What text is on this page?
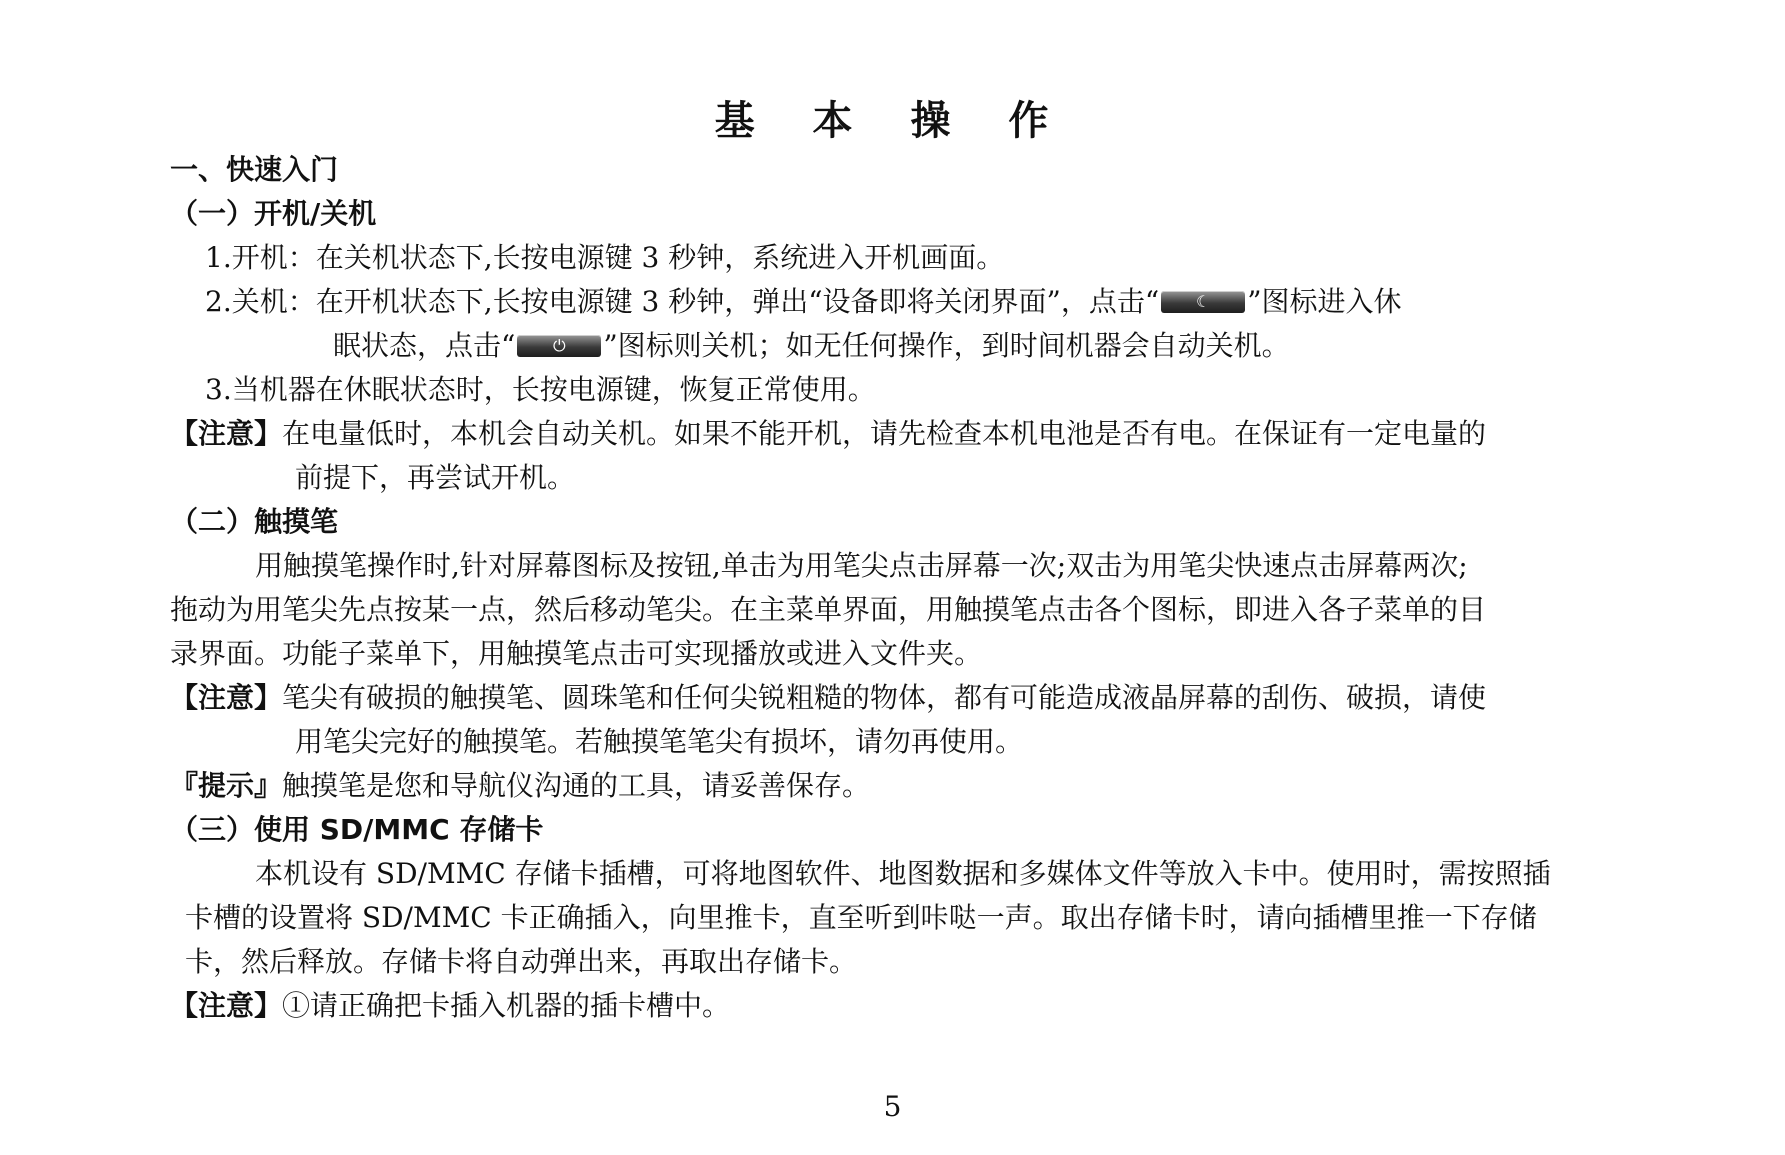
基 本 操 作
一、快速入门
（一）开机/关机
1.开机：在关机状态下,长按电源键 3 秒钟，系统进入开机画面。
2.关机：在开机状态下,长按电源键 3 秒钟，弹出“设备即将关闭界面”，点击“	☾	”图标进入休
眠状态，点击“	⏻	”图标则关机；如无任何操作，到时间机器会自动关机。
3.当机器在休眠状态时，长按电源键，恢复正常使用。
【注意】在电量低时，本机会自动关机。如果不能开机，请先检查本机电池是否有电。在保证有一定电量的
前提下，再尝试开机。
（二）触摸笔
用触摸笔操作时,针对屏幕图标及按钮,单击为用笔尖点击屏幕一次;双击为用笔尖快速点击屏幕两次;
拖动为用笔尖先点按某一点，然后移动笔尖。在主菜单界面，用触摸笔点击各个图标，即进入各子菜单的目
录界面。功能子菜单下，用触摸笔点击可实现播放或进入文件夹。
【注意】笔尖有破损的触摸笔、圆珠笔和任何尖锐粗糙的物体，都有可能造成液晶屏幕的刮伤、破损，请使
用笔尖完好的触摸笔。若触摸笔笔尖有损坏，请勿再使用。
『提示』触摸笔是您和导航仪沟通的工具，请妥善保存。
（三）使用 SD/MMC 存储卡
本机设有 SD/MMC 存储卡插槽，可将地图软件、地图数据和多媒体文件等放入卡中。使用时，需按照插
卡槽的设置将 SD/MMC 卡正确插入，向里推卡，直至听到咔哒一声。取出存储卡时，请向插槽里推一下存储
卡，然后释放。存储卡将自动弹出来，再取出存储卡。
【注意】①请正确把卡插入机器的插卡槽中。
5
